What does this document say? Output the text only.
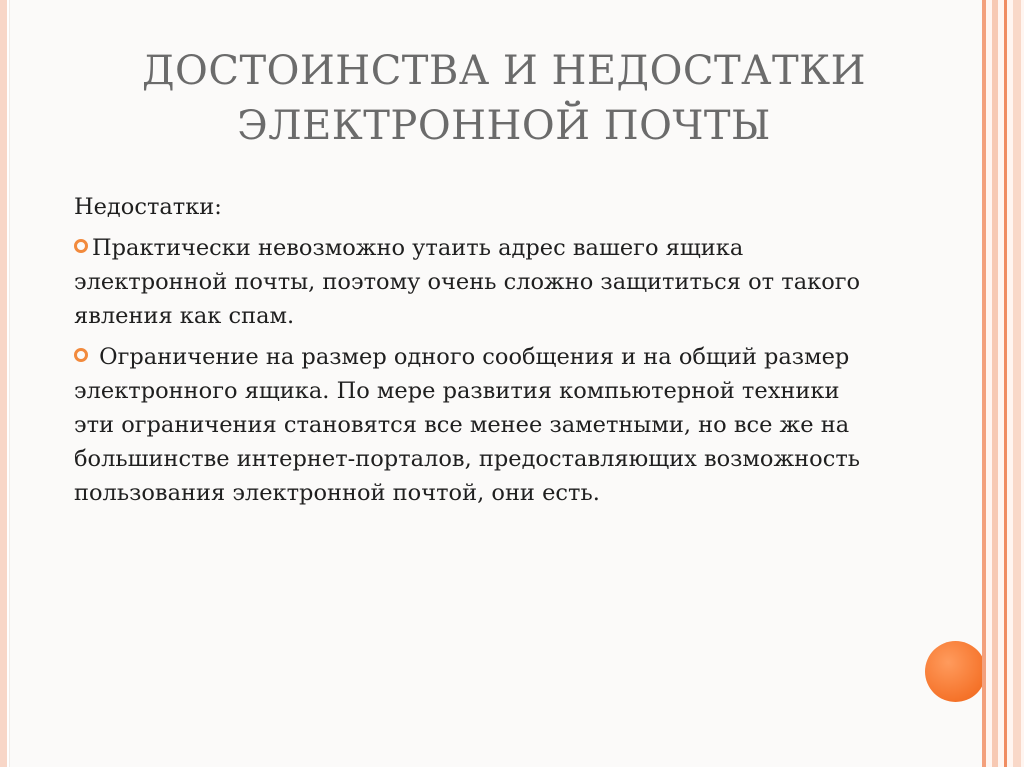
ДОСТОИНСТВА И НЕДОСТАТКИ
ЭЛЕКТРОННОЙ ПОЧТЫ

Недостатки:

Практически невозможно утаить адрес вашего ящика электронной почты, поэтому очень сложно защититься от такого явления как спам.

Ограничение на размер одного сообщения и на общий размер электронного ящика. По мере развития компьютерной техники эти ограничения становятся все менее заметными, но все же на большинстве интернет-порталов, предоставляющих возможность пользования электронной почтой, они есть.
